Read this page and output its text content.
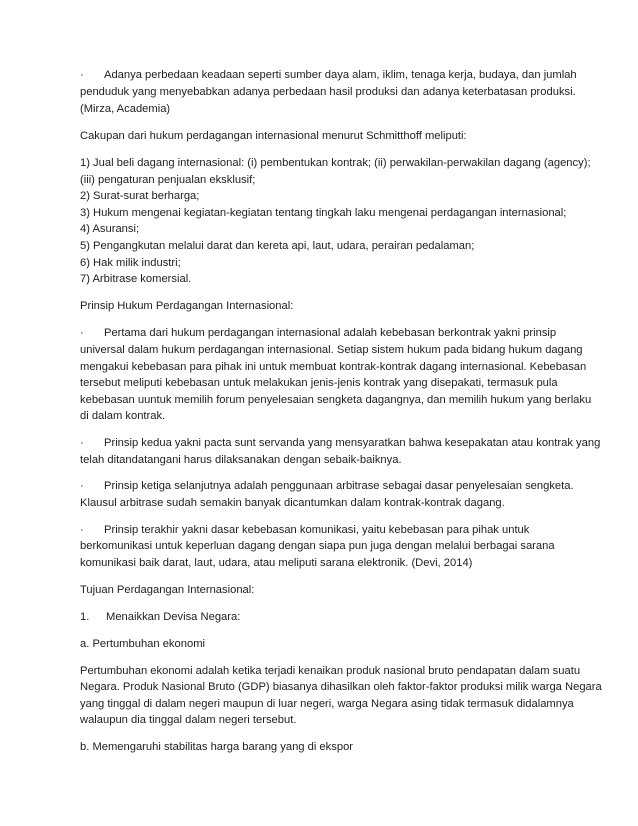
· Adanya perbedaan keadaan seperti sumber daya alam, iklim, tenaga kerja, budaya, dan jumlah
penduduk yang menyebabkan adanya perbedaan hasil produksi dan adanya keterbatasan produksi.
(Mirza, Academia)
Cakupan dari hukum perdagangan internasional menurut Schmitthoff meliputi:
1) Jual beli dagang internasional: (i) pembentukan kontrak; (ii) perwakilan-perwakilan dagang (agency);
(iii) pengaturan penjualan eksklusif;
2) Surat-surat berharga;
3) Hukum mengenai kegiatan-kegiatan tentang tingkah laku mengenai perdagangan internasional;
4) Asuransi;
5) Pengangkutan melalui darat dan kereta api, laut, udara, perairan pedalaman;
6) Hak milik industri;
7) Arbitrase komersial.
Prinsip Hukum Perdagangan Internasional:
· Pertama dari hukum perdagangan internasional adalah kebebasan berkontrak yakni prinsip
universal dalam hukum perdagangan internasional. Setiap sistem hukum pada bidang hukum dagang
mengakui kebebasan para pihak ini untuk membuat kontrak-kontrak dagang internasional. Kebebasan
tersebut meliputi kebebasan untuk melakukan jenis-jenis kontrak yang disepakati, termasuk pula
kebebasan uuntuk memilih forum penyelesaian sengketa dagangnya, dan memilih hukum yang berlaku
di dalam kontrak.
· Prinsip kedua yakni pacta sunt servanda yang mensyaratkan bahwa kesepakatan atau kontrak yang
telah ditandatangani harus dilaksanakan dengan sebaik-baiknya.
· Prinsip ketiga selanjutnya adalah penggunaan arbitrase sebagai dasar penyelesaian sengketa.
Klausul arbitrase sudah semakin banyak dicantumkan dalam kontrak-kontrak dagang.
· Prinsip terakhir yakni dasar kebebasan komunikasi, yaitu kebebasan para pihak untuk
berkomunikasi untuk keperluan dagang dengan siapa pun juga dengan melalui berbagai sarana
komunikasi baik darat, laut, udara, atau meliputi sarana elektronik. (Devi, 2014)
Tujuan Perdagangan Internasional:
1. Menaikkan Devisa Negara:
a. Pertumbuhan ekonomi
Pertumbuhan ekonomi adalah ketika terjadi kenaikan produk nasional bruto pendapatan dalam suatu
Negara. Produk Nasional Bruto (GDP) biasanya dihasilkan oleh faktor-faktor produksi milik warga Negara
yang tinggal di dalam negeri maupun di luar negeri, warga Negara asing tidak termasuk didalamnya
walaupun dia tinggal dalam negeri tersebut.
b. Memengaruhi stabilitas harga barang yang di ekspor
